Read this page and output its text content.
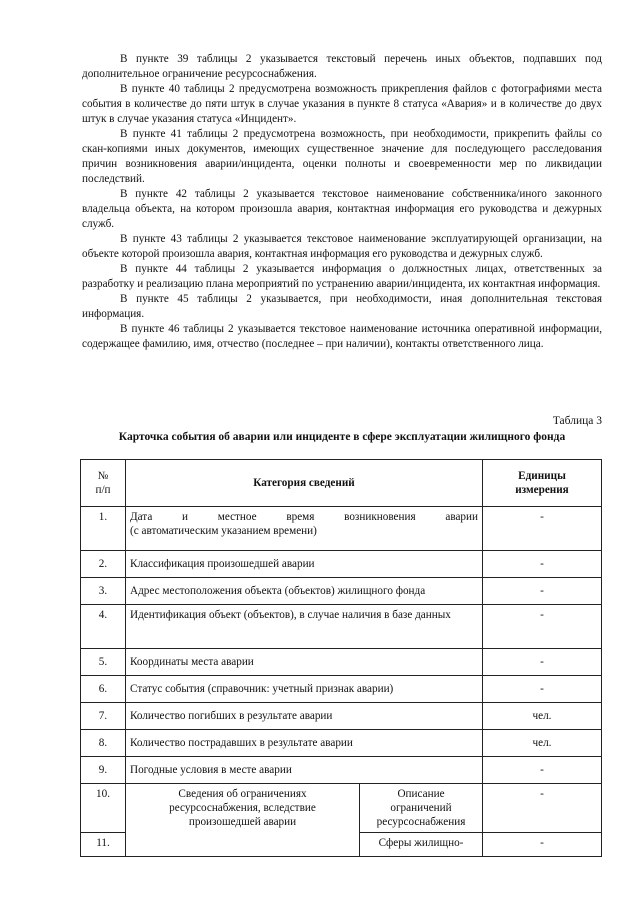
В пункте 39 таблицы 2 указывается текстовый перечень иных объектов, подпавших под дополнительное ограничение ресурсоснабжения.

В пункте 40 таблицы 2 предусмотрена возможность прикрепления файлов с фотографиями места события в количестве до пяти штук в случае указания в пункте 8 статуса «Авария» и в количестве до двух штук в случае указания статуса «Инцидент».

В пункте 41 таблицы 2 предусмотрена возможность, при необходимости, прикрепить файлы со скан-копиями иных документов, имеющих существенное значение для последующего расследования причин возникновения аварии/инцидента, оценки полноты и своевременности мер по ликвидации последствий.

В пункте 42 таблицы 2 указывается текстовое наименование собственника/иного законного владельца объекта, на котором произошла авария, контактная информация его руководства и дежурных служб.

В пункте 43 таблицы 2 указывается текстовое наименование эксплуатирующей организации, на объекте которой произошла авария, контактная информация его руководства и дежурных служб.

В пункте 44 таблицы 2 указывается информация о должностных лицах, ответственных за разработку и реализацию плана мероприятий по устранению аварии/инцидента, их контактная информация.

В пункте 45 таблицы 2 указывается, при необходимости, иная дополнительная текстовая информация.

В пункте 46 таблицы 2 указывается текстовое наименование источника оперативной информации, содержащее фамилию, имя, отчество (последнее – при наличии), контакты ответственного лица.

Таблица 3
Карточка события об аварии или инциденте в сфере эксплуатации жилищного фонда
№
п/п	Категория сведений		Единицы
измерения
1.	Дата и местное время возникновения аварии
(с автоматическим указанием времени)		-
2.	Классификация произошедшей аварии		-
3.	Адрес местоположения объекта (объектов) жилищного фонда		-
4.	Идентификация объект (объектов), в случае наличия в базе данных		-
5.	Координаты места аварии		-
6.	Статус события (справочник: учетный признак аварии)		-
7.	Количество погибших в результате аварии		чел.
8.	Количество пострадавших в результате аварии		чел.
9.	Погодные условия в месте аварии		-
10.	Сведения об ограничениях ресурсоснабжения, вследствие произошедшей аварии	Описание ограничений ресурсоснабжения	-
11.		Сферы жилищно-	-
